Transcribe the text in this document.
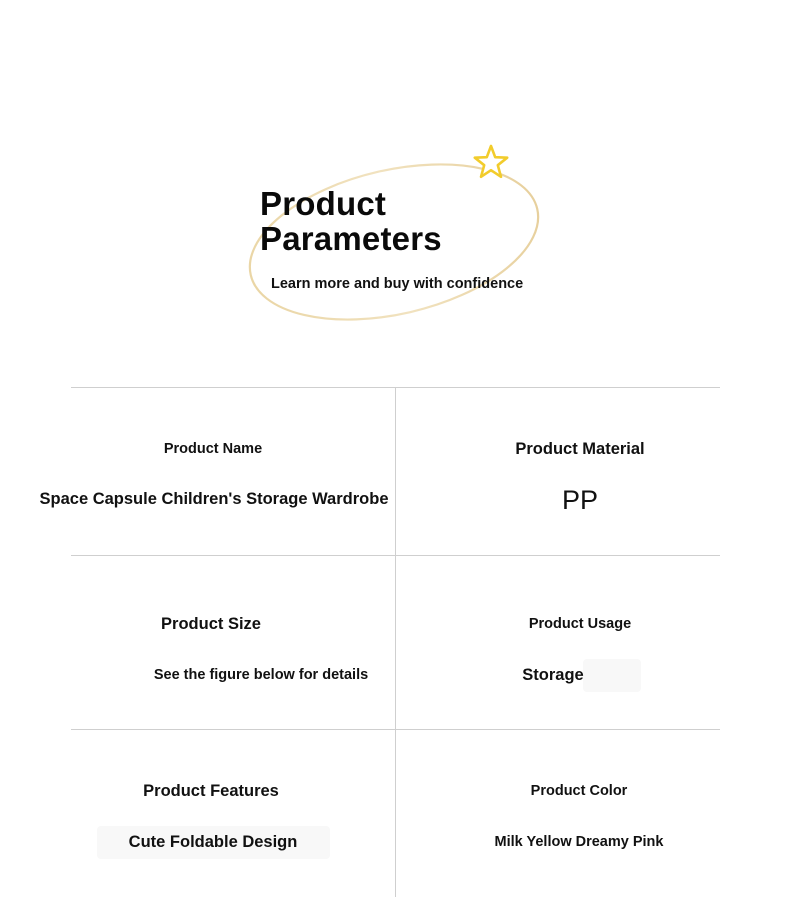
Product
Parameters

Learn more and buy with confidence

Product Name

Space Capsule Children's Storage Wardrobe

Product Material

PP

Product Size

See the figure below for details

Product Usage

Storage

Product Features

Cute Foldable Design

Product Color

Milk Yellow Dreamy Pink
